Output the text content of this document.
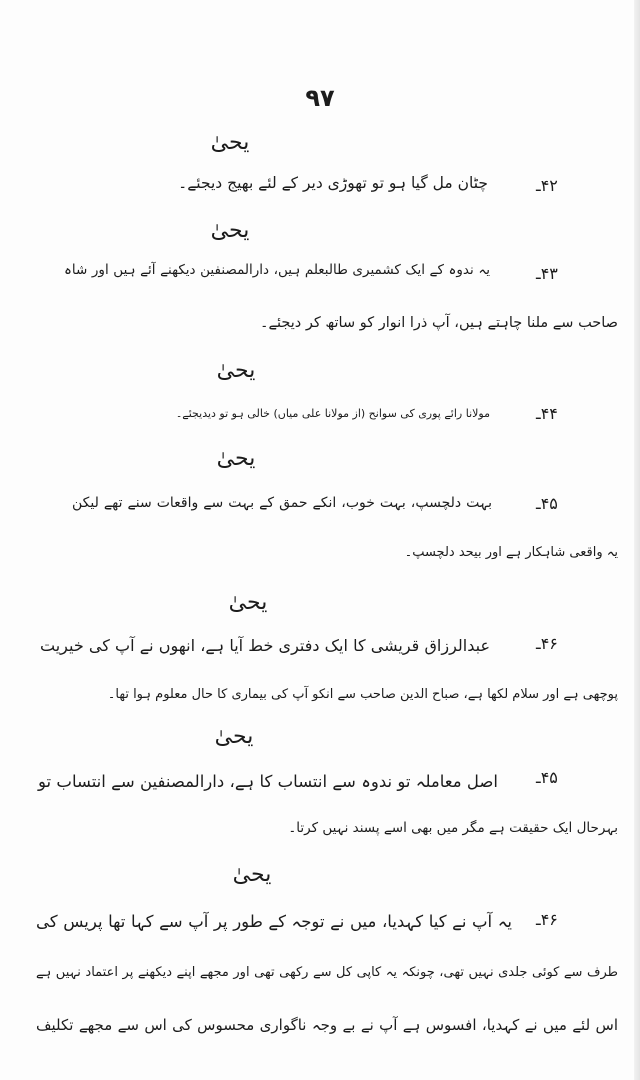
۹۷
یحیٰ
۴۲ـ
چٹان مل گیا ہو تو تھوڑی دیر کے لئے بھیج دیجئے۔
یحیٰ
۴۳ـ
یہ ندوہ کے ایک کشمیری طالبعلم ہیں، دارالمصنفین دیکھنے آئے ہیں اور شاہ
صاحب سے ملنا چاہتے ہیں، آپ ذرا انوار کو ساتھ کر دیجئے۔
یحیٰ
۴۴ـ
مولانا رائے پوری کی سوانح (از مولانا علی میاں) خالی ہو تو دیدیجئے۔
یحیٰ
۴۵ـ
بہت دلچسپ، بہت خوب، انکے حمق کے بہت سے واقعات سنے تھے لیکن
یہ واقعی شاہکار ہے اور بیحد دلچسپ۔
یحیٰ
۴۶ـ
عبدالرزاق قریشی کا ایک دفتری خط آیا ہے، انھوں نے آپ کی خیریت
پوچھی ہے اور سلام لکھا ہے، صباح الدین صاحب سے انکو آپ کی بیماری کا حال معلوم ہوا تھا۔
یحیٰ
۴۵ـ
اصل معاملہ تو ندوہ سے انتساب کا ہے، دارالمصنفین سے انتساب تو
بہرحال ایک حقیقت ہے مگر میں بھی اسے پسند نہیں کرتا۔
یحیٰ
۴۶ـ
یہ آپ نے کیا کہدیا، میں نے توجہ کے طور پر آپ سے کہا تھا پریس کی
طرف سے کوئی جلدی نہیں تھی، چونکہ یہ کاپی کل سے رکھی تھی اور مجھے اپنے دیکھنے پر اعتماد نہیں ہے
اس لئے میں نے کہدیا، افسوس ہے آپ نے بے وجہ ناگواری محسوس کی اس سے مجھے تکلیف
